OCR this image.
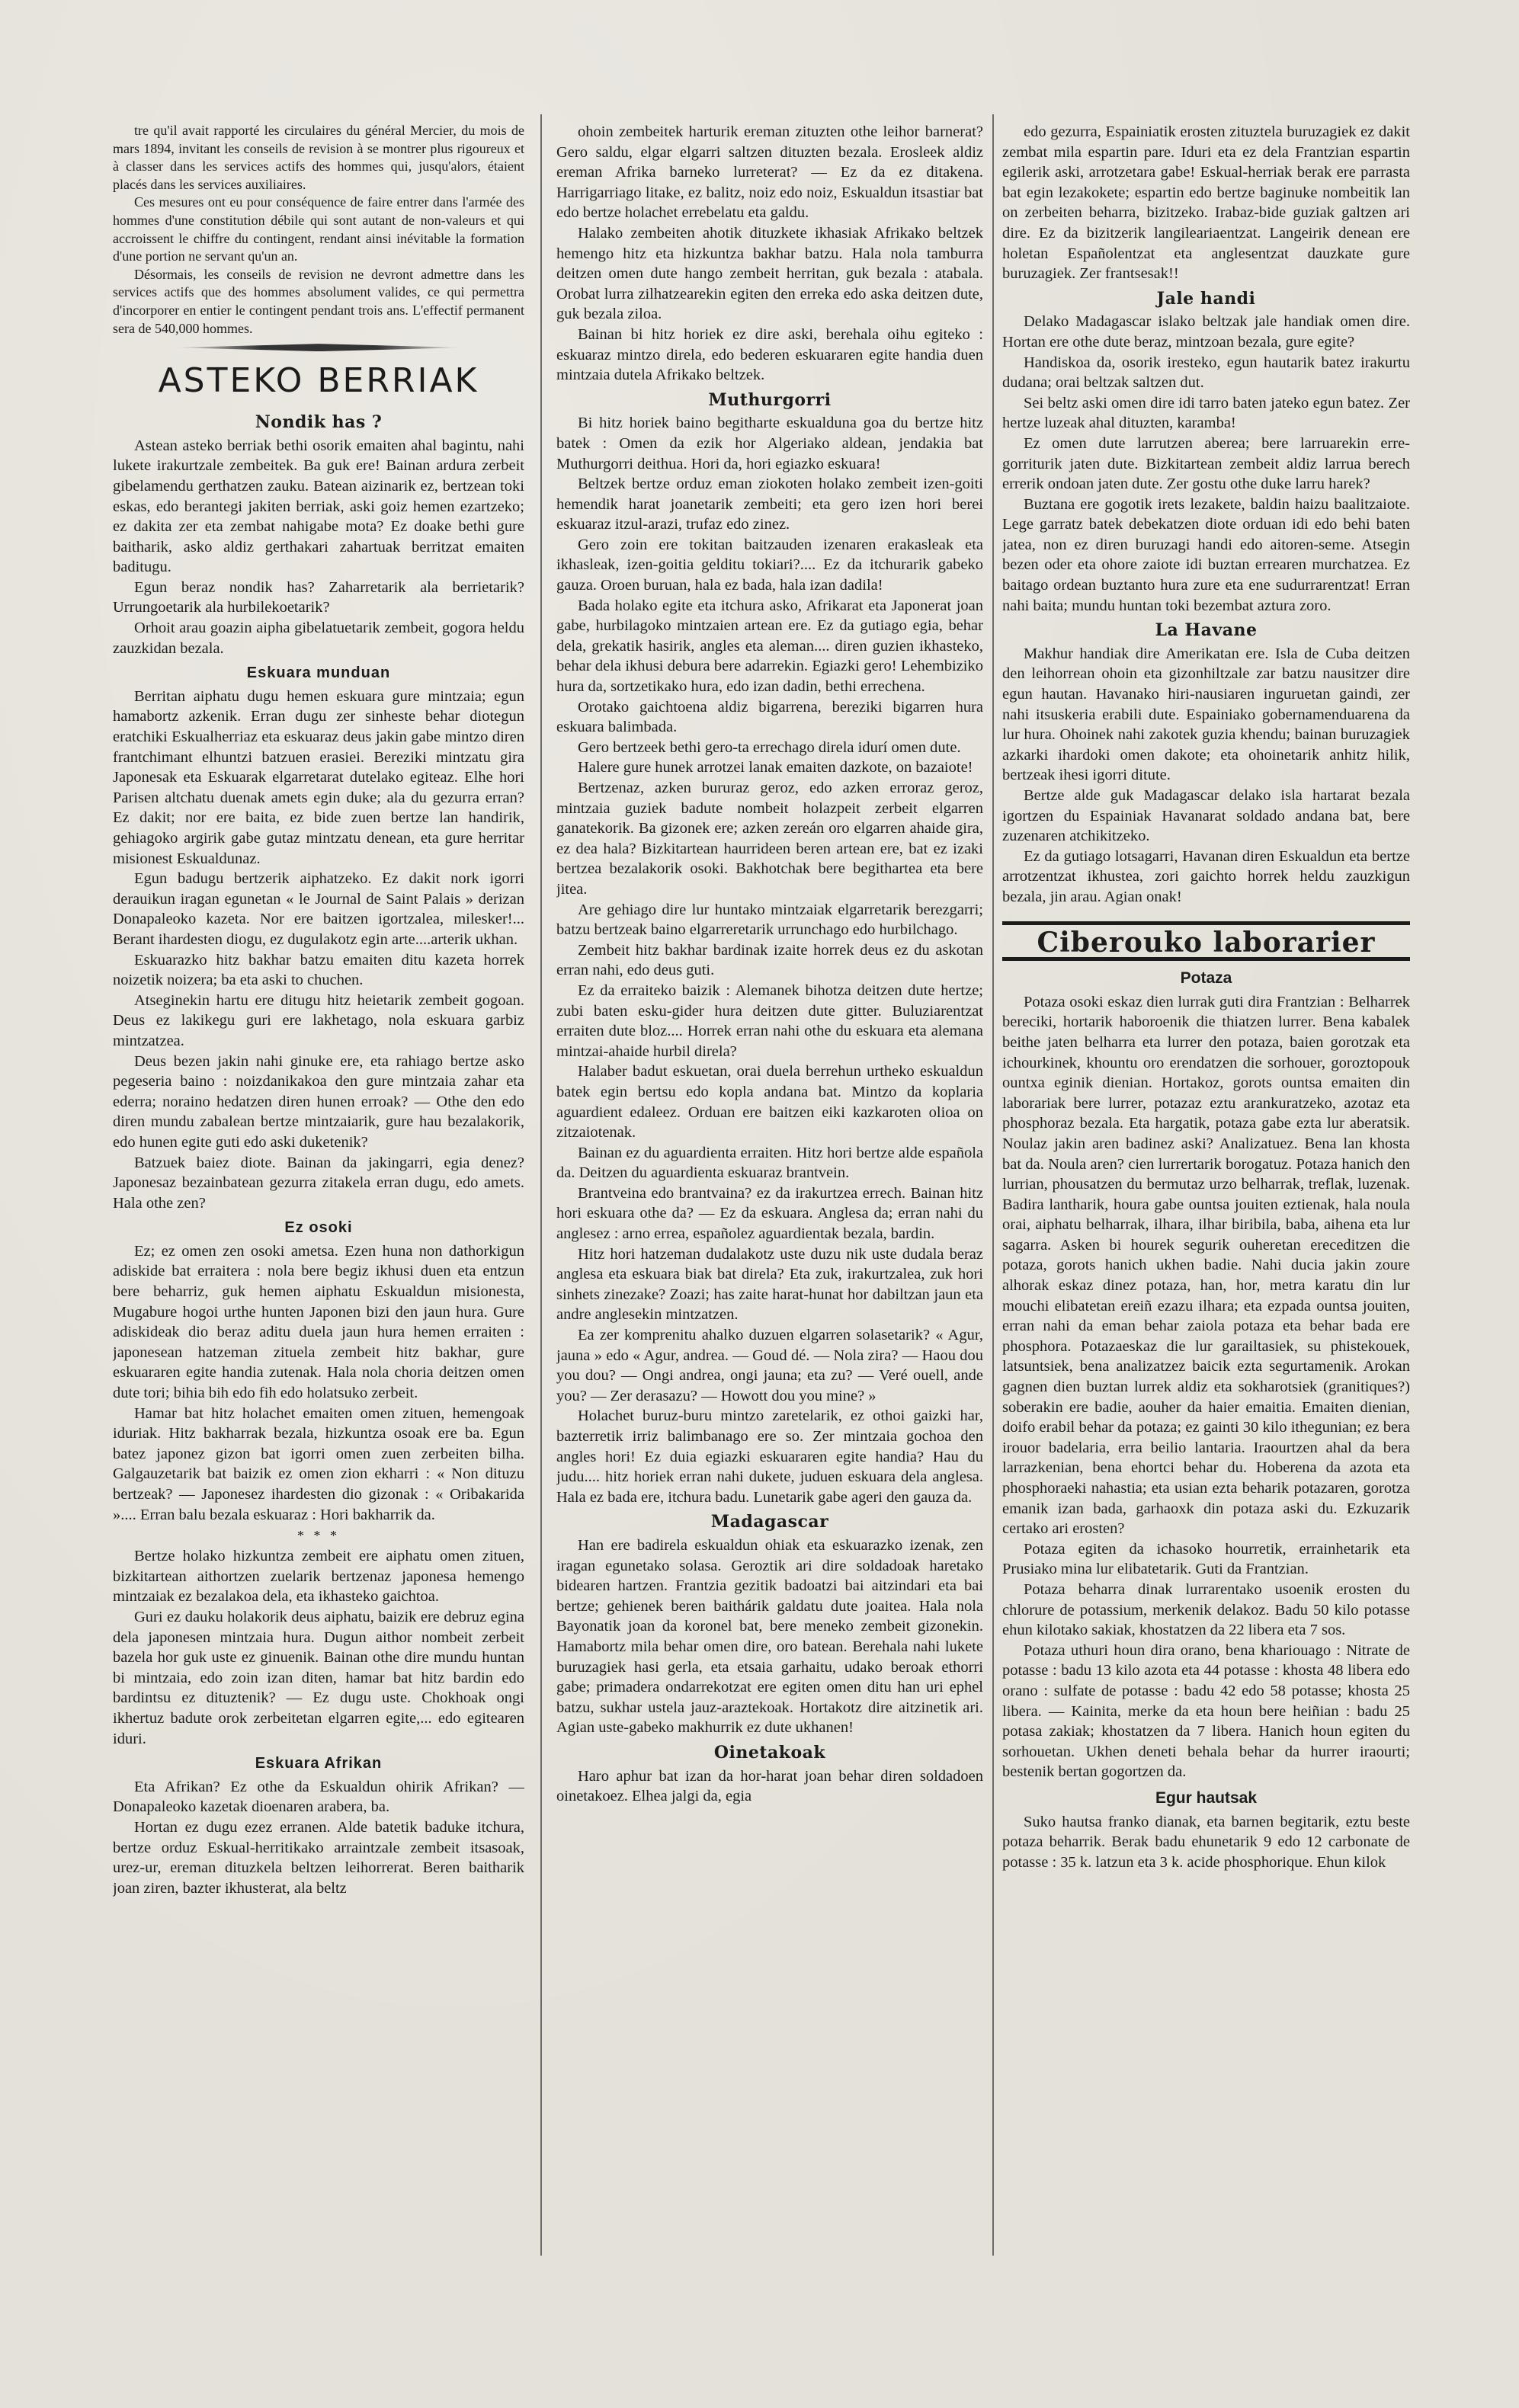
tre qu'il avait rapporté les circulaires du général Mercier, du mois de mars 1894, invitant les conseils de revision à se montrer plus rigoureux et à classer dans les services actifs des hommes qui, jusqu'alors, étaient placés dans les services auxiliaires.

Ces mesures ont eu pour conséquence de faire entrer dans l'armée des hommes d'une constitution débile qui sont autant de non-valeurs et qui accroissent le chiffre du contingent, rendant ainsi inévitable la formation d'une portion ne servant qu'un an.

Désormais, les conseils de revision ne devront admettre dans les services actifs que des hommes absolument valides, ce qui permettra d'incorporer en entier le contingent pendant trois ans. L'effectif permanent sera de 540,000 hommes.

ASTEKO BERRIAK
Nondik has ?

Astean asteko berriak bethi osorik emaiten ahal bagintu, nahi lukete irakurtzale zembeitek. Ba guk ere! Bainan ardura zerbeit gibelamendu gerthatzen zauku. Batean aizinarik ez, bertzean toki eskas, edo berantegi jakiten berriak, aski goiz hemen ezartzeko; ez dakita zer eta zembat nahigabe mota? Ez doake bethi gure baitharik, asko aldiz gerthakari zahartuak berritzat emaiten baditugu.

Egun beraz nondik has? Zaharretarik ala berrietarik? Urrungoetarik ala hurbilekoetarik?

Orhoit arau goazin aipha gibelatuetarik zembeit, gogora heldu zauzkidan bezala.

Eskuara munduan

Berritan aiphatu dugu hemen eskuara gure mintzaia; egun hamabortz azkenik. Erran dugu zer sinheste behar diotegun eratchiki Eskualherriaz eta eskuaraz deus jakin gabe mintzo diren frantchimant elhuntzi batzuen erasiei. Bereziki mintzatu gira Japonesak eta Eskuarak elgarretarat dutelako egiteaz. Elhe hori Parisen altchatu duenak amets egin duke; ala du gezurra erran? Ez dakit; nor ere baita, ez bide zuen bertze lan handirik, gehiagoko argirik gabe gutaz mintzatu denean, eta gure herritar misionest Eskualdunaz.

Egun badugu bertzerik aiphatzeko. Ez dakit nork igorri derauikun iragan egunetan « le Journal de Saint Palais » derizan Donapaleoko kazeta. Nor ere baitzen igortzalea, milesker!... Berant ihardesten diogu, ez dugulakotz egin arte....arterik ukhan.

Eskuarazko hitz bakhar batzu emaiten ditu kazeta horrek noizetik noizera; ba eta aski to chuchen.

Atseginekin hartu ere ditugu hitz heietarik zembeit gogoan. Deus ez lakikegu guri ere lakhetago, nola eskuara garbiz mintzatzea.

Deus bezen jakin nahi ginuke ere, eta rahiago bertze asko pegeseria baino : noizdanikakoa den gure mintzaia zahar eta ederra; noraino hedatzen diren hunen erroak? — Othe den edo diren mundu zabalean bertze mintzaiarik, gure hau bezalakorik, edo hunen egite guti edo aski duketenik?

Batzuek baiez diote. Bainan da jakingarri, egia denez? Japonesaz bezainbatean gezurra zitakela erran dugu, edo amets. Hala othe zen?

Ez osoki

Ez; ez omen zen osoki ametsa. Ezen huna non dathorkigun adiskide bat erraitera : nola bere begiz ikhusi duen eta entzun bere beharriz, guk hemen aiphatu Eskualdun misionesta, Mugabure hogoi urthe hunten Japonen bizi den jaun hura. Gure adiskideak dio beraz aditu duela jaun hura hemen erraiten : japonesean hatzeman zituela zembeit hitz bakhar, gure eskuararen egite handia zutenak. Hala nola choria deitzen omen dute tori; bihia bih edo fih edo holatsuko zerbeit.

Hamar bat hitz holachet emaiten omen zituen, hemengoak iduriak. Hitz bakharrak bezala, hizkuntza osoak ere ba. Egun batez japonez gizon bat igorri omen zuen zerbeiten bilha. Galgauzetarik bat baizik ez omen zion ekharri : « Non dituzu bertzeak? — Japonesez ihardesten dio gizonak : « Oribakarida ».... Erran balu bezala eskuaraz : Hori bakharrik da.

* * *

Bertze holako hizkuntza zembeit ere aiphatu omen zituen, bizkitartean aithortzen zuelarik bertzenaz japonesa hemengo mintzaiak ez bezalakoa dela, eta ikhasteko gaichtoa.

Guri ez dauku holakorik deus aiphatu, baizik ere debruz egina dela japonesen mintzaia hura. Dugun aithor nombeit zerbeit bazela hor guk uste ez ginuenik. Bainan othe dire mundu huntan bi mintzaia, edo zoin izan diten, hamar bat hitz bardin edo bardintsu ez dituztenik? — Ez dugu uste. Chokhoak ongi ikhertuz badute orok zerbeitetan elgarren egite,... edo egitearen iduri.

Eskuara Afrikan

Eta Afrikan? Ez othe da Eskualdun ohirik Afrikan? — Donapaleoko kazetak dioenaren arabera, ba.

Hortan ez dugu ezez erranen. Alde batetik baduke itchura, bertze orduz Eskual-herritikako arraintzale zembeit itsasoak, urez-ur, ereman dituzkela beltzen leihorrerat. Beren baitharik joan ziren, bazter ikhusterat, ala beltz

ohoin zembeitek harturik ereman zituzten othe leihor barnerat? Gero saldu, elgar elgarri saltzen dituzten bezala. Erosleek aldiz ereman Afrika barneko lurreterat? — Ez da ez ditakena. Harrigarriago litake, ez balitz, noiz edo noiz, Eskualdun itsastiar bat edo bertze holachet errebelatu eta galdu.

Halako zembeiten ahotik dituzkete ikhasiak Afrikako beltzek hemengo hitz eta hizkuntza bakhar batzu. Hala nola tamburra deitzen omen dute hango zembeit herritan, guk bezala : atabala. Orobat lurra zilhatzearekin egiten den erreka edo aska deitzen dute, guk bezala ziloa.

Bainan bi hitz horiek ez dire aski, berehala oihu egiteko : eskuaraz mintzo direla, edo bederen eskuararen egite handia duen mintzaia dutela Afrikako beltzek.

Muthurgorri

Bi hitz horiek baino begitharte eskualduna goa du bertze hitz batek : Omen da ezik hor Algeriako aldean, jendakia bat Muthurgorri deithua. Hori da, hori egiazko eskuara!

Beltzek bertze orduz eman ziokoten holako zembeit izen-goiti hemendik harat joanetarik zembeiti; eta gero izen hori berei eskuaraz itzul-arazi, trufaz edo zinez.

Gero zoin ere tokitan baitzauden izenaren erakasleak eta ikhasleak, izen-goitia gelditu tokiari?.... Ez da itchurarik gabeko gauza. Oroen buruan, hala ez bada, hala izan dadila!

Bada holako egite eta itchura asko, Afrikarat eta Japonerat joan gabe, hurbilagoko mintzaien artean ere. Ez da gutiago egia, behar dela, grekatik hasirik, angles eta aleman.... diren guzien ikhasteko, behar dela ikhusi debura bere adarrekin. Egiazki gero! Lehembiziko hura da, sortzetikako hura, edo izan dadin, bethi errechena.

Orotako gaichtoena aldiz bigarrena, bereziki bigarren hura eskuara balimbada.

Gero bertzeek bethi gero-ta errechago direla idurí omen dute.

Halere gure hunek arrotzei lanak emaiten dazkote, on bazaiote!

Bertzenaz, azken bururaz geroz, edo azken erroraz geroz, mintzaia guziek badute nombeit holazpeit zerbeit elgarren ganatekorik. Ba gizonek ere; azken zereán oro elgarren ahaide gira, ez dea hala? Bizkitartean haurrideen beren artean ere, bat ez izaki bertzea bezalakorik osoki. Bakhotchak bere begithartea eta bere jitea.

Are gehiago dire lur huntako mintzaiak elgarretarik berezgarri; batzu bertzeak baino elgarreretarik urrunchago edo hurbilchago.

Zembeit hitz bakhar bardinak izaite horrek deus ez du askotan erran nahi, edo deus guti.

Ez da erraiteko baizik : Alemanek bihotza deitzen dute hertze; zubi baten esku-gider hura deitzen dute gitter. Buluziarentzat erraiten dute bloz.... Horrek erran nahi othe du eskuara eta alemana mintzai-ahaide hurbil direla?

Halaber badut eskuetan, orai duela berrehun urtheko eskualdun batek egin bertsu edo kopla andana bat. Mintzo da koplaria aguardient edaleez. Orduan ere baitzen eiki kazkaroten olioa on zitzaiotenak.

Bainan ez du aguardienta erraiten. Hitz hori bertze alde española da. Deitzen du aguardienta eskuaraz brantvein.

Brantveina edo brantvaina? ez da irakurtzea errech. Bainan hitz hori eskuara othe da? — Ez da eskuara. Anglesa da; erran nahi du anglesez : arno errea, españolez aguardientak bezala, bardin.

Hitz hori hatzeman dudalakotz uste duzu nik uste dudala beraz anglesa eta eskuara biak bat direla? Eta zuk, irakurtzalea, zuk hori sinhets zinezake? Zoazi; has zaite harat-hunat hor dabiltzan jaun eta andre anglesekin mintzatzen.

Ea zer komprenitu ahalko duzuen elgarren solasetarik? « Agur, jauna » edo « Agur, andrea. — Goud dé. — Nola zira? — Haou dou you dou? — Ongi andrea, ongi jauna; eta zu? — Veré ouell, ande you? — Zer derasazu? — Howott dou you mine? »

Holachet buruz-buru mintzo zaretelarik, ez othoi gaizki har, bazterretik irriz balimbanago ere so. Zer mintzaia gochoa den angles hori! Ez duia egiazki eskuararen egite handia? Hau du judu.... hitz horiek erran nahi dukete, juduen eskuara dela anglesa. Hala ez bada ere, itchura badu. Lunetarik gabe ageri den gauza da.

Madagascar

Han ere badirela eskualdun ohiak eta eskuarazko izenak, zen iragan egunetako solasa. Geroztik ari dire soldadoak haretako bidearen hartzen. Frantzia gezitik badoatzi bai aitzindari eta bai bertze; gehienek beren baithárik galdatu dute joaitea. Hala nola Bayonatik joan da koronel bat, bere meneko zembeit gizonekin. Hamabortz mila behar omen dire, oro batean. Berehala nahi lukete buruzagiek hasi gerla, eta etsaia garhaitu, udako beroak ethorri gabe; primadera ondarrekotzat ere egiten omen ditu han uri ephel batzu, sukhar ustela jauz-araztekoak. Hortakotz dire aitzinetik ari. Agian uste-gabeko makhurrik ez dute ukhanen!

Oinetakoak

Haro aphur bat izan da hor-harat joan behar diren soldadoen oinetakoez. Elhea jalgi da, egia

edo gezurra, Espainiatik erosten zituztela buruzagiek ez dakit zembat mila espartin pare. Iduri eta ez dela Frantzian espartin egilerik aski, arrotzetara gabe! Eskual-herriak berak ere parrasta bat egin lezakokete; espartin edo bertze baginuke nombeitik lan on zerbeiten beharra, bizitzeko. Irabaz-bide guziak galtzen ari dire. Ez da bizitzerik langileariaentzat. Langeirik denean ere holetan Españolentzat eta anglesentzat dauzkate gure buruzagiek. Zer frantsesak!!

Jale handi

Delako Madagascar islako beltzak jale handiak omen dire. Hortan ere othe dute beraz, mintzoan bezala, gure egite?

Handiskoa da, osorik iresteko, egun hautarik batez irakurtu dudana; orai beltzak saltzen dut.

Sei beltz aski omen dire idi tarro baten jateko egun batez. Zer hertze luzeak ahal dituzten, karamba!

Ez omen dute larrutzen aberea; bere larruarekin erre-gorriturik jaten dute. Bizkitartean zembeit aldiz larrua berech errerik ondoan jaten dute. Zer gostu othe duke larru harek?

Buztana ere gogotik irets lezakete, baldin haizu baalitzaiote. Lege garratz batek debekatzen diote orduan idi edo behi baten jatea, non ez diren buruzagi handi edo aitoren-seme. Atsegin bezen oder eta ohore zaiote idi buztan errearen murchatzea. Ez baitago ordean buztanto hura zure eta ene sudurrarentzat! Erran nahi baita; mundu huntan toki bezembat aztura zoro.

La Havane

Makhur handiak dire Amerikatan ere. Isla de Cuba deitzen den leihorrean ohoin eta gizonhiltzale zar batzu nausitzer dire egun hautan. Havanako hiri-nausiaren inguruetan gaindi, zer nahi itsuskeria erabili dute. Espainiako gobernamenduarena da lur hura. Ohoinek nahi zakotek guzia khendu; bainan buruzagiek azkarki ihardoki omen dakote; eta ohoinetarik anhitz hilik, bertzeak ihesi igorri ditute.

Bertze alde guk Madagascar delako isla hartarat bezala igortzen du Espainiak Havanarat soldado andana bat, bere zuzenaren atchikitzeko.

Ez da gutiago lotsagarri, Havanan diren Eskualdun eta bertze arrotzentzat ikhustea, zori gaichto horrek heldu zauzkigun bezala, jin arau. Agian onak!

Ciberouko laborarier
Potaza

Potaza osoki eskaz dien lurrak guti dira Frantzian : Belharrek bereciki, hortarik haboroenik die thiatzen lurrer. Bena kabalek beithe jaten belharra eta lurrer den potaza, baien gorotzak eta ichourkinek, khountu oro erendatzen die sorhouer, goroztopouk ountxa eginik dienian. Hortakoz, gorots ountsa emaiten din laborariak bere lurrer, potazaz eztu arankuratzeko, azotaz eta phosphoraz bezala. Eta hargatik, potaza gabe ezta lur aberatsik. Noulaz jakin aren badinez aski? Analizatuez. Bena lan khosta bat da. Noula aren? cien lurrertarik borogatuz. Potaza hanich den lurrian, phousatzen du bermutaz urzo belharrak, treflak, luzenak. Badira lantharik, houra gabe ountsa jouiten eztienak, hala noula orai, aiphatu belharrak, ilhara, ilhar biribila, baba, aihena eta lur sagarra. Asken bi hourek segurik ouheretan ereceditzen die potaza, gorots hanich ukhen badie. Nahi ducia jakin zoure alhorak eskaz dinez potaza, han, hor, metra karatu din lur mouchi elibatetan ereiñ ezazu ilhara; eta ezpada ountsa jouiten, erran nahi da eman behar zaiola potaza eta behar bada ere phosphora. Potazaeskaz die lur garailtasiek, su phistekouek, latsuntsiek, bena analizatzez baicik ezta segurtamenik. Arokan gagnen dien buztan lurrek aldiz eta sokharotsiek (granitiques?) soberakin ere badie, aouher da haier emaitia. Emaiten dienian, doifo erabil behar da potaza; ez gainti 30 kilo ithegunian; ez bera irouor badelaria, erra beilio lantaria. Iraourtzen ahal da bera larrazkenian, bena ehortci behar du. Hoberena da azota eta phosphoraeki nahastia; eta usian ezta beharik potazaren, gorotza emanik izan bada, garhaoxk din potaza aski du. Ezkuzarik certako ari erosten?

Potaza egiten da ichasoko hourretik, errainhetarik eta Prusiako mina lur elibatetarik. Guti da Frantzian.

Potaza beharra dinak lurrarentako usoenik erosten du chlorure de potassium, merkenik delakoz. Badu 50 kilo potasse ehun kilotako sakiak, khostatzen da 22 libera eta 7 sos.

Potaza uthuri houn dira orano, bena khariouago : Nitrate de potasse : badu 13 kilo azota eta 44 potasse : khosta 48 libera edo orano : sulfate de potasse : badu 42 edo 58 potasse; khosta 25 libera. — Kainita, merke da eta houn bere heiñian : badu 25 potasa zakiak; khostatzen da 7 libera. Hanich houn egiten du sorhouetan. Ukhen deneti behala behar da hurrer iraourti; bestenik bertan gogortzen da.

Egur hautsak

Suko hautsa franko dianak, eta barnen begitarik, eztu beste potaza beharrik. Berak badu ehunetarik 9 edo 12 carbonate de potasse : 35 k. latzun eta 3 k. acide phosphorique. Ehun kilok
